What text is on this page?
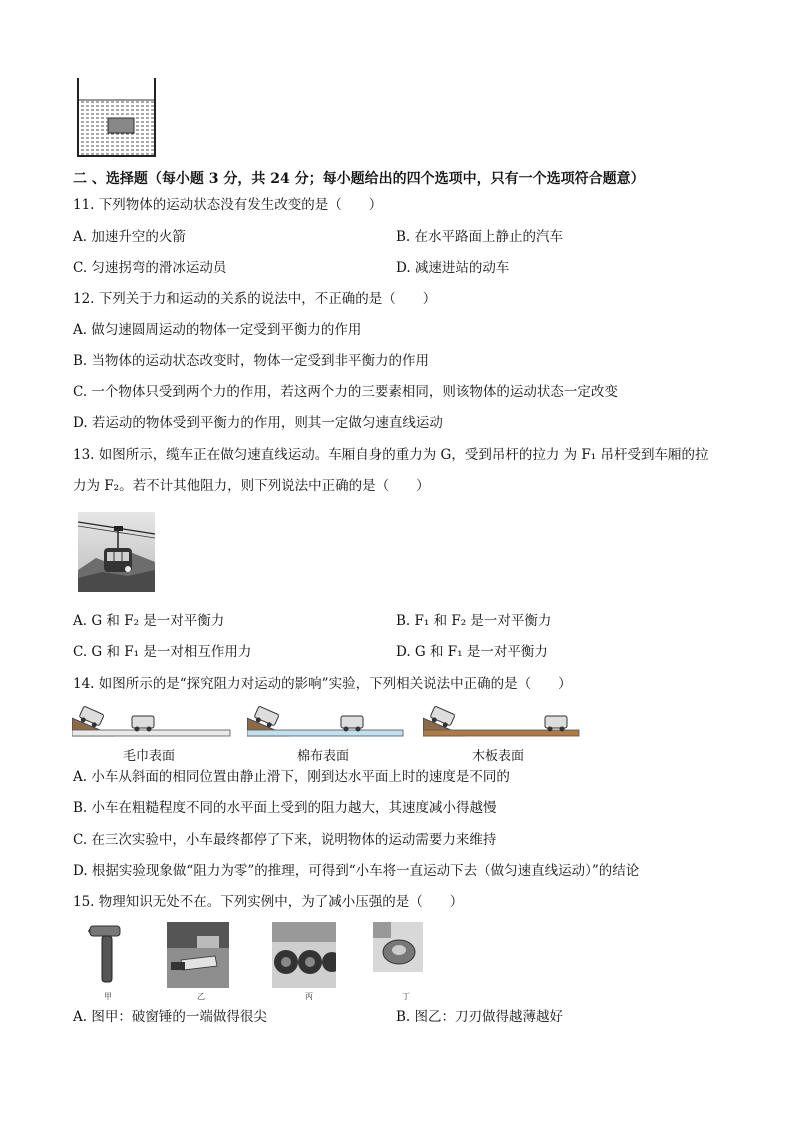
二 、选择题（每小题 3 分，共 24 分；每小题给出的四个选项中，只有一个选项符合题意）
11. 下列物体的运动状态没有发生改变的是（　　）
A. 加速升空的火箭	B. 在水平路面上静止的汽车
C. 匀速拐弯的滑冰运动员	D. 减速进站的动车
12. 下列关于力和运动的关系的说法中，不正确的是（　　）
A. 做匀速圆周运动的物体一定受到平衡力的作用
B. 当物体的运动状态改变时，物体一定受到非平衡力的作用
C. 一个物体只受到两个力的作用，若这两个力的三要素相同，则该物体的运动状态一定改变
D. 若运动的物体受到平衡力的作用，则其一定做匀速直线运动
13. 如图所示，缆车正在做匀速直线运动。车厢自身的重力为 G，受到吊杆的拉力 为 F₁ 吊杆受到车厢的拉
力为 F₂。若不计其他阻力，则下列说法中正确的是（　　）
A. G 和 F₂ 是一对平衡力	B. F₁ 和 F₂ 是一对平衡力
C. G 和 F₁ 是一对相互作用力	D. G 和 F₁ 是一对平衡力
14. 如图所示的是“探究阻力对运动的影响”实验，下列相关说法中正确的是（　　）
毛巾表面	棉布表面	木板表面
A. 小车从斜面的相同位置由静止滑下，刚到达水平面上时的速度是不同的
B. 小车在粗糙程度不同的水平面上受到的阻力越大，其速度减小得越慢
C. 在三次实验中，小车最终都停了下来，说明物体的运动需要力来维持
D. 根据实验现象做“阻力为零”的推理，可得到“小车将一直运动下去（做匀速直线运动）”的结论
15. 物理知识无处不在。下列实例中，为了减小压强的是（　　）
甲	乙	丙	丁
A. 图甲：破窗锤的一端做得很尖	B. 图乙：刀刃做得越薄越好
